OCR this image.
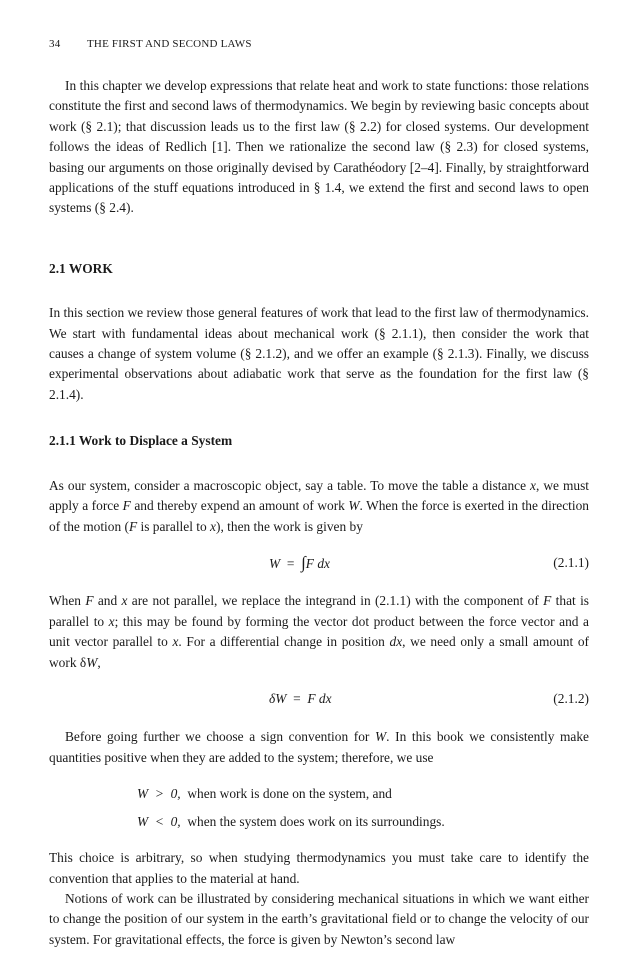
34 THE FIRST AND SECOND LAWS

In this chapter we develop expressions that relate heat and work to state functions: those relations constitute the first and second laws of thermodynamics. We begin by reviewing basic concepts about work (§ 2.1); that discussion leads us to the first law (§ 2.2) for closed systems. Our development follows the ideas of Redlich [1]. Then we rationalize the second law (§ 2.3) for closed systems, basing our arguments on those originally devised by Carathéodory [2–4]. Finally, by straightforward applications of the stuff equations introduced in § 1.4, we extend the first and second laws to open systems (§ 2.4).

2.1 WORK

In this section we review those general features of work that lead to the first law of thermodynamics. We start with fundamental ideas about mechanical work (§ 2.1.1), then consider the work that causes a change of system volume (§ 2.1.2), and we offer an example (§ 2.1.3). Finally, we discuss experimental observations about adiabatic work that serve as the foundation for the first law (§ 2.1.4).

2.1.1 Work to Displace a System

As our system, consider a macroscopic object, say a table. To move the table a distance x, we must apply a force F and thereby expend an amount of work W. When the force is exerted in the direction of the motion (F is parallel to x), then the work is given by

W = ∫F dx	(2.1.1)

When F and x are not parallel, we replace the integrand in (2.1.1) with the component of F that is parallel to x; this may be found by forming the vector dot product between the force vector and a unit vector parallel to x. For a differential change in position dx, we need only a small amount of work δW,

δW = F dx	(2.1.2)

Before going further we choose a sign convention for W. In this book we consistently make quantities positive when they are added to the system; therefore, we use

W  >  0, when work is done on the system, and
W  <  0, when the system does work on its surroundings.

This choice is arbitrary, so when studying thermodynamics you must take care to identify the convention that applies to the material at hand.

Notions of work can be illustrated by considering mechanical situations in which we want either to change the position of our system in the earth’s gravitational field or to change the velocity of our system. For gravitational effects, the force is given by Newton’s second law
